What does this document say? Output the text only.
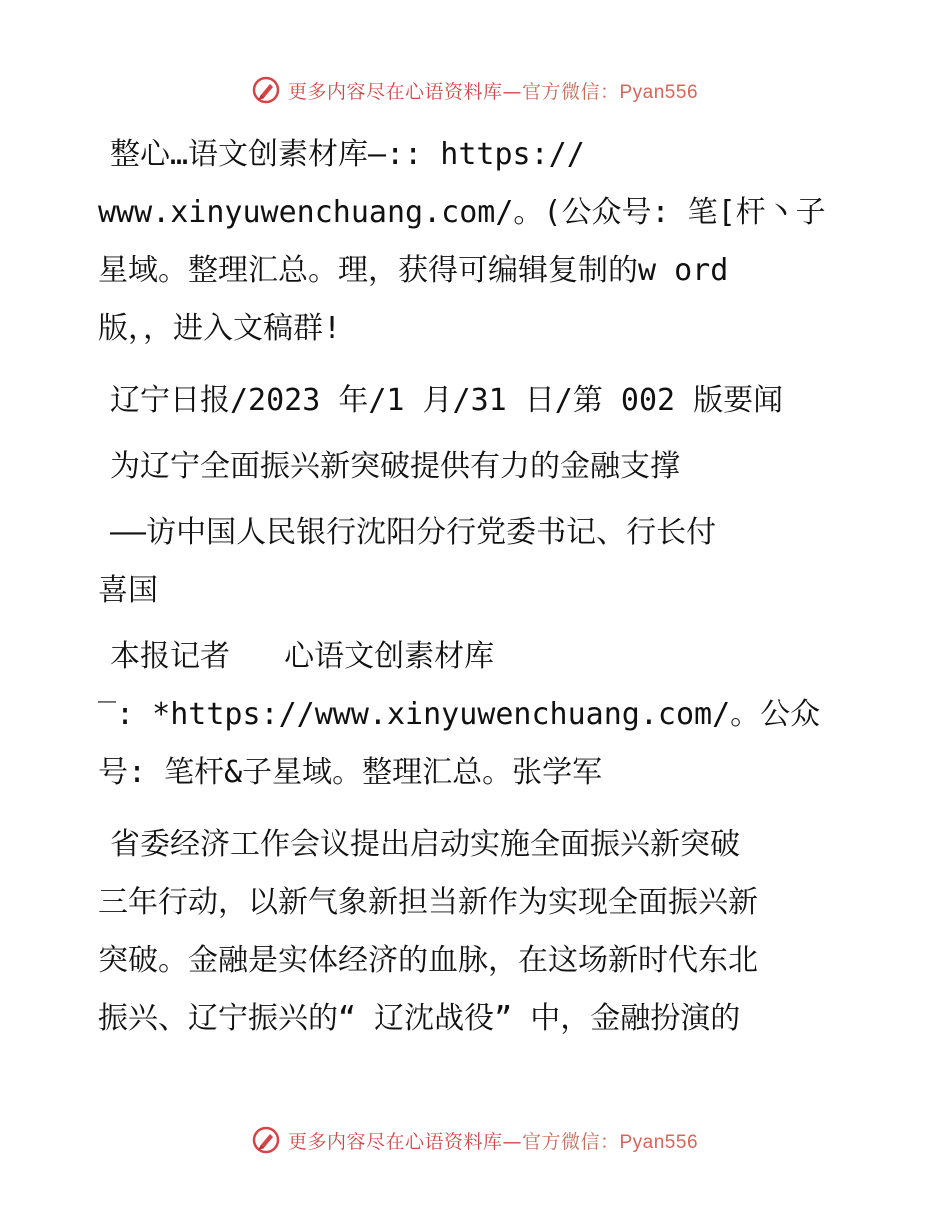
更多内容尽在心语资料库—官方微信：Pyan556

整心…语文创素材库—:: https://
www.xinyuwenchuang.com/。(公众号: 笔[杆丶子
星域。整理汇总。理，获得可编辑复制的w ord
版，，进入文稿群!

辽宁日报/2023 年/1 月/31 日/第 002 版要闻

为辽宁全面振兴新突破提供有力的金融支撑

——访中国人民银行沈阳分行党委书记、行长付
喜国

本报记者   心语文创素材库
‾: *https://www.xinyuwenchuang.com/。公众
号: 笔杆&子星域。整理汇总。张学军

省委经济工作会议提出启动实施全面振兴新突破
三年行动，以新气象新担当新作为实现全面振兴新
突破。金融是实体经济的血脉，在这场新时代东北
振兴、辽宁振兴的“ 辽沈战役” 中，金融扮演的

更多内容尽在心语资料库—官方微信：Pyan556
